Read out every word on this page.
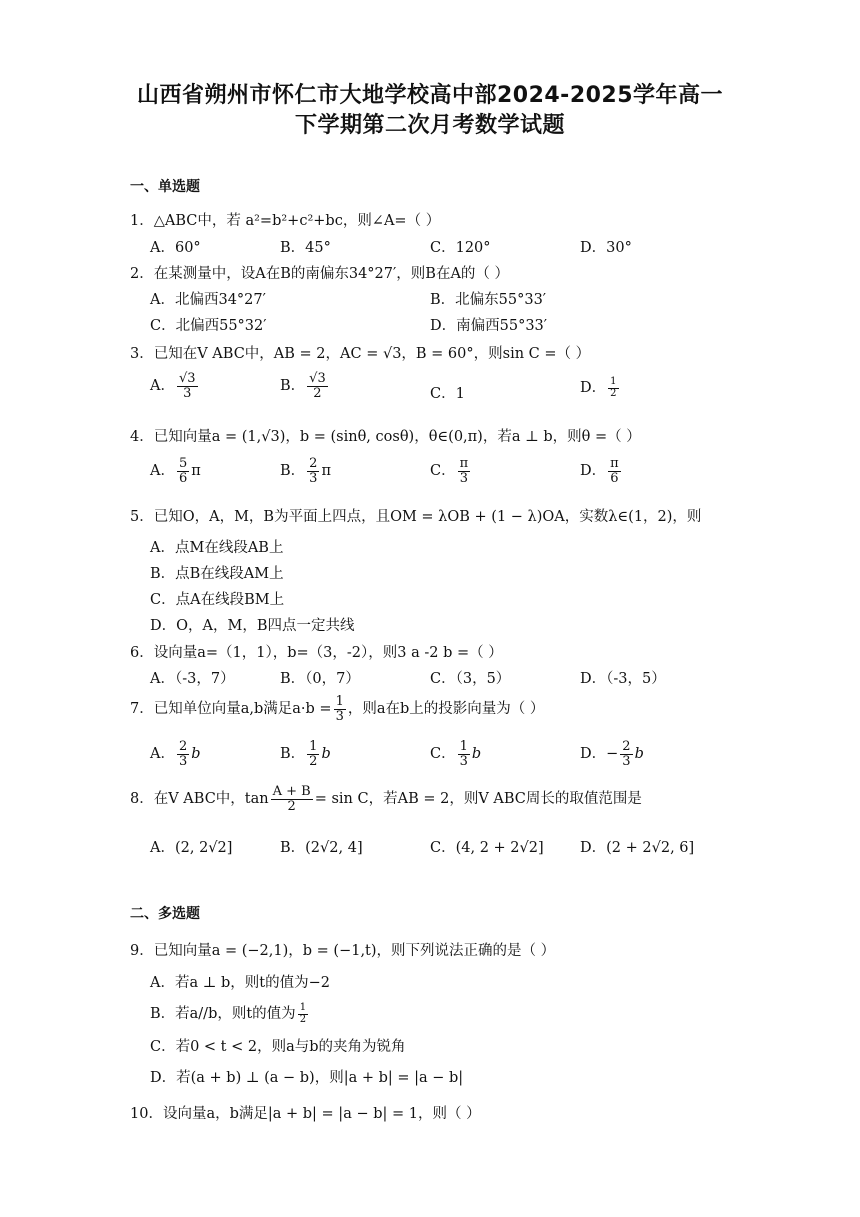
山西省朔州市怀仁市大地学校高中部2024-2025学年高一
下学期第二次月考数学试题
一、单选题
1．△ABC中，若 a²=b²+c²+bc，则∠A=（ ）
A．60°	B．45°	C．120°	D．30°
2．在某测量中，设A在B的南偏东34°27′，则B在A的（ ）
A．北偏西34°27′	B．北偏东55°33′
C．北偏西55°32′	D．南偏西55°33′
3．已知在V ABC中，AB = 2，AC = √3，B = 60°，则sin C =（ ）
A． $\frac{√3}{3}$	B． $\frac{√3}{2}$	C．1	D． $\frac{1}{2}$
4．已知向量a = (1,√3)，b = (sinθ, cosθ)，θ∈(0,π)，若a ⊥ b，则θ =（ ）
A． $\frac{5}{6}$ π	B． $\frac{2}{3}$ π	C． $\frac{\pi}{3}$	D． $\frac{\pi}{6}$
5．已知O，A，M，B为平面上四点，且OM = λOB + (1 − λ)OA，实数λ∈(1，2)，则
A．点M在线段AB上
B．点B在线段AM上
C．点A在线段BM上
D．O，A，M，B四点一定共线
6．设向量a=（1，1），b=（3，-2），则3 a -2 b =（ ）
A．（-3，7）	B．（0，7）	C．（3，5）	D．（-3，5）
7．已知单位向量a,b满足$a\cdot b = \frac{1}{3}$ ，则a在b上的投影向量为（ ）
A． $\frac{2}{3}$ b	B． $\frac{1}{2}$ b	C． $\frac{1}{3}$ b	D．− $\frac{2}{3}$ b
8．在V ABC中，$\tan \frac{A + B}{2} = \sin C$，若AB = 2，则V ABC周长的取值范围是
A．(2, 2√2]	B．(2√2, 4]	C．(4, 2 + 2√2]	D．(2 + 2√2, 6]
二、多选题
9．已知向量a = (−2,1)，b = (−1,t)，则下列说法正确的是（ ）
A．若a ⊥ b，则t的值为−2
B．若a//b，则t的值为 $\frac{1}{2}$
C．若0 < t < 2，则a与b的夹角为锐角
D．若(a + b) ⊥ (a − b)，则|a + b| = |a − b|
10．设向量a，b满足|a + b| = |a − b| = 1，则（ ）
